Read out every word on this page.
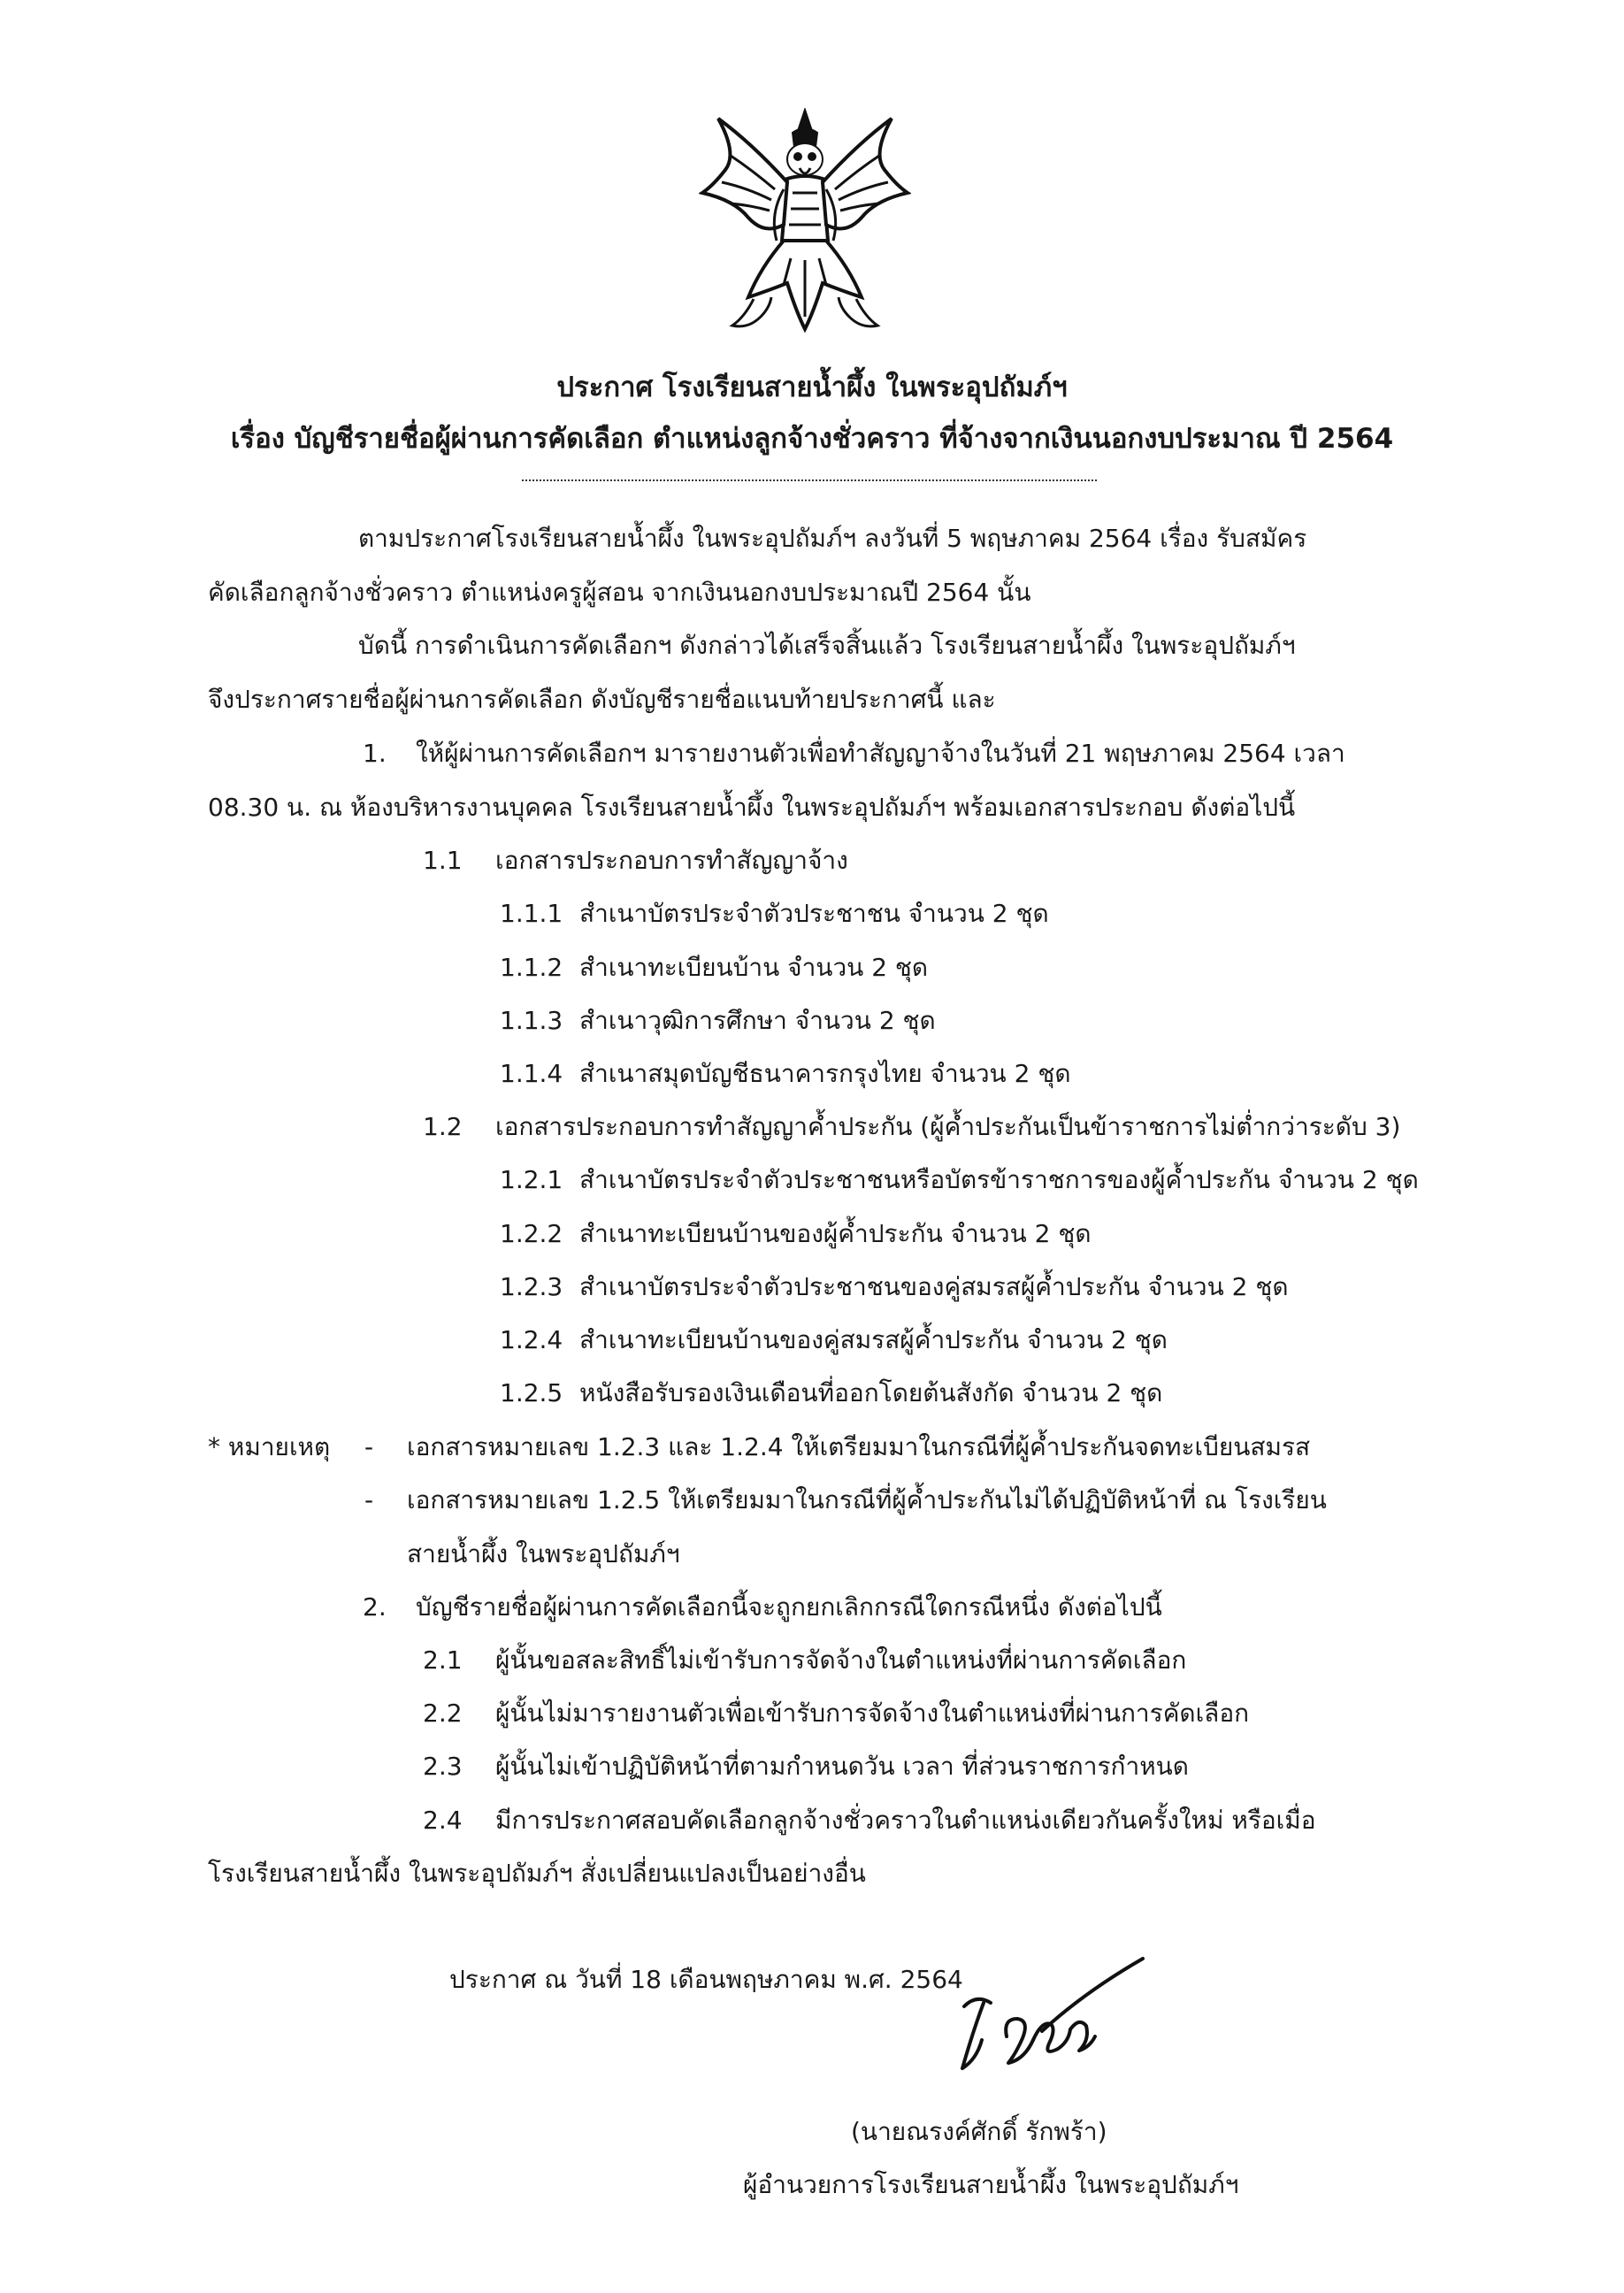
ประกาศ โรงเรียนสายน้ำผึ้ง ในพระอุปถัมภ์ฯ
เรื่อง บัญชีรายชื่อผู้ผ่านการคัดเลือก ตำแหน่งลูกจ้างชั่วคราว ที่จ้างจากเงินนอกงบประมาณ ปี 2564
ตามประกาศโรงเรียนสายน้ำผึ้ง ในพระอุปถัมภ์ฯ ลงวันที่ 5 พฤษภาคม 2564 เรื่อง รับสมัคร
คัดเลือกลูกจ้างชั่วคราว ตำแหน่งครูผู้สอน จากเงินนอกงบประมาณปี 2564 นั้น
บัดนี้ การดำเนินการคัดเลือกฯ ดังกล่าวได้เสร็จสิ้นแล้ว โรงเรียนสายน้ำผึ้ง ในพระอุปถัมภ์ฯ
จึงประกาศรายชื่อผู้ผ่านการคัดเลือก ดังบัญชีรายชื่อแนบท้ายประกาศนี้ และ
1. ให้ผู้ผ่านการคัดเลือกฯ มารายงานตัวเพื่อทำสัญญาจ้างในวันที่ 21 พฤษภาคม 2564 เวลา
08.30 น. ณ ห้องบริหารงานบุคคล โรงเรียนสายน้ำผึ้ง ในพระอุปถัมภ์ฯ พร้อมเอกสารประกอบ ดังต่อไปนี้
1.1 เอกสารประกอบการทำสัญญาจ้าง
1.1.1 สำเนาบัตรประจำตัวประชาชน จำนวน 2 ชุด
1.1.2 สำเนาทะเบียนบ้าน จำนวน 2 ชุด
1.1.3 สำเนาวุฒิการศึกษา จำนวน 2 ชุด
1.1.4 สำเนาสมุดบัญชีธนาคารกรุงไทย จำนวน 2 ชุด
1.2 เอกสารประกอบการทำสัญญาค้ำประกัน (ผู้ค้ำประกันเป็นข้าราชการไม่ต่ำกว่าระดับ 3)
1.2.1 สำเนาบัตรประจำตัวประชาชนหรือบัตรข้าราชการของผู้ค้ำประกัน จำนวน 2 ชุด
1.2.2 สำเนาทะเบียนบ้านของผู้ค้ำประกัน จำนวน 2 ชุด
1.2.3 สำเนาบัตรประจำตัวประชาชนของคู่สมรสผู้ค้ำประกัน จำนวน 2 ชุด
1.2.4 สำเนาทะเบียนบ้านของคู่สมรสผู้ค้ำประกัน จำนวน 2 ชุด
1.2.5 หนังสือรับรองเงินเดือนที่ออกโดยต้นสังกัด จำนวน 2 ชุด
* หมายเหตุ - เอกสารหมายเลข 1.2.3 และ 1.2.4 ให้เตรียมมาในกรณีที่ผู้ค้ำประกันจดทะเบียนสมรส
- เอกสารหมายเลข 1.2.5 ให้เตรียมมาในกรณีที่ผู้ค้ำประกันไม่ได้ปฏิบัติหน้าที่ ณ โรงเรียน
สายน้ำผึ้ง ในพระอุปถัมภ์ฯ
2. บัญชีรายชื่อผู้ผ่านการคัดเลือกนี้จะถูกยกเลิกกรณีใดกรณีหนึ่ง ดังต่อไปนี้
2.1 ผู้นั้นขอสละสิทธิ์ไม่เข้ารับการจัดจ้างในตำแหน่งที่ผ่านการคัดเลือก
2.2 ผู้นั้นไม่มารายงานตัวเพื่อเข้ารับการจัดจ้างในตำแหน่งที่ผ่านการคัดเลือก
2.3 ผู้นั้นไม่เข้าปฏิบัติหน้าที่ตามกำหนดวัน เวลา ที่ส่วนราชการกำหนด
2.4 มีการประกาศสอบคัดเลือกลูกจ้างชั่วคราวในตำแหน่งเดียวกันครั้งใหม่ หรือเมื่อ
โรงเรียนสายน้ำผึ้ง ในพระอุปถัมภ์ฯ สั่งเปลี่ยนแปลงเป็นอย่างอื่น
ประกาศ ณ วันที่ 18 เดือนพฤษภาคม พ.ศ. 2564
(นายณรงค์ศักดิ์ รักพร้า)
ผู้อำนวยการโรงเรียนสายน้ำผึ้ง ในพระอุปถัมภ์ฯ
